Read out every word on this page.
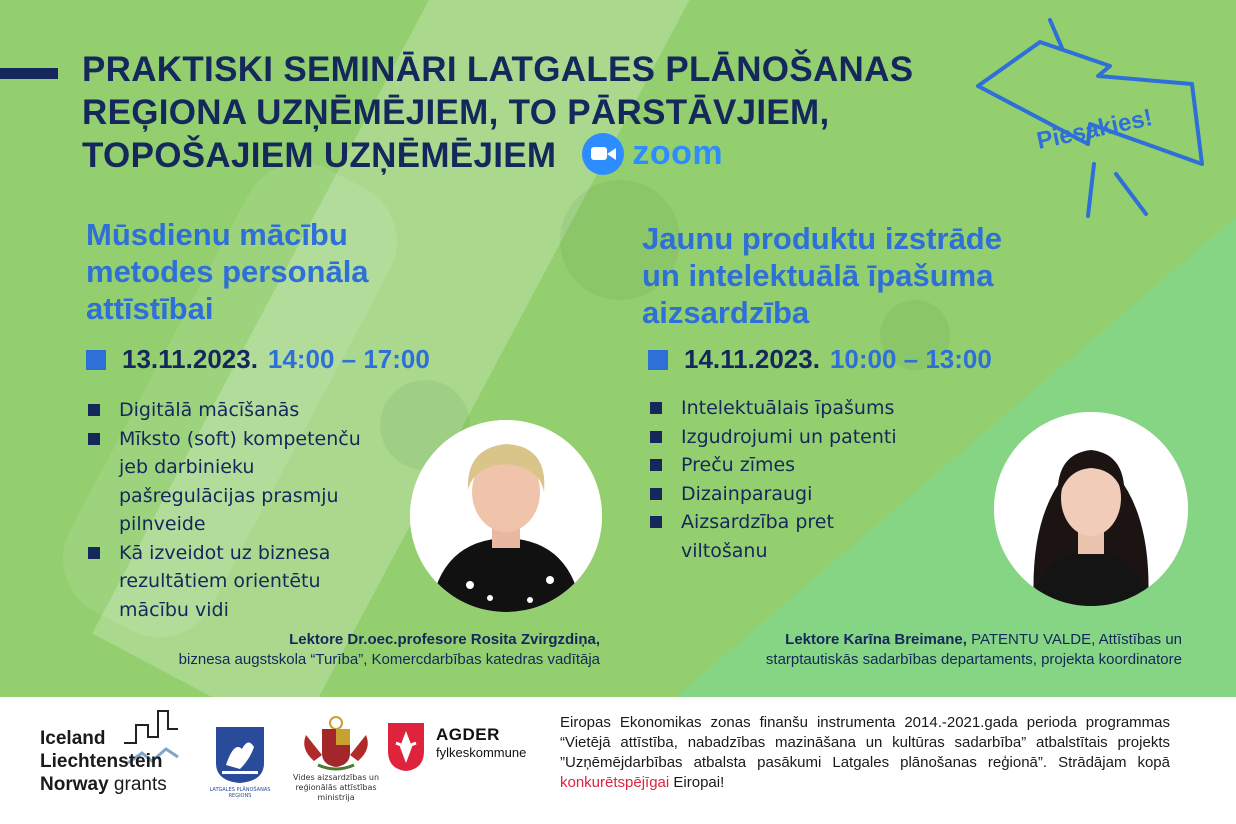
PRAKTISKI SEMINĀRI LATGALES PLĀNOŠANAS
REĢIONA UZŅĒMĒJIEM, TO PĀRSTĀVJIEM,
TOPOŠAJIEM UZŅĒMĒJIEM zoom	Piesakies!
Mūsdienu mācību
metodes personāla
attīstībai
13.11.2023. 14:00 – 17:00
Digitālā mācīšanās
Mīksto (soft) kompetenču
jeb darbinieku
pašregulācijas prasmju
pilnveide
Kā izveidot uz biznesa
rezultātiem orientētu
mācību vidi
Lektore Dr.oec.profesore Rosita Zvirgzdiņa,
biznesa augstskola “Turība”, Komercdarbības katedras vadītāja
Jaunu produktu izstrāde
un intelektuālā īpašuma
aizsardzība
14.11.2023. 10:00 – 13:00
Intelektuālais īpašums
Izgudrojumi un patenti
Preču zīmes
Dizainparaugi
Aizsardzība pret
viltošanu
Lektore Karīna Breimane, PATENTU VALDE, Attīstības un
starptautiskās sadarbības departaments, projekta koordinatore
Iceland
Liechtenstein
Norway grants	LATGALES PLĀNOŠANAS REĢIONS
Vides aizsardzības un
reģionālās attīstības
ministrija
AGDER
fylkeskommune
Eiropas Ekonomikas zonas finanšu instrumenta 2014.-2021.gada perioda programmas “Vietējā attīstība, nabadzības mazināšana un kultūras sadarbība” atbalstītais projekts ”Uzņēmējdarbības atbalsta pasākumi Latgales plānošanas reģionā”. Strādājam kopā konkurētspējīgai Eiropai!
